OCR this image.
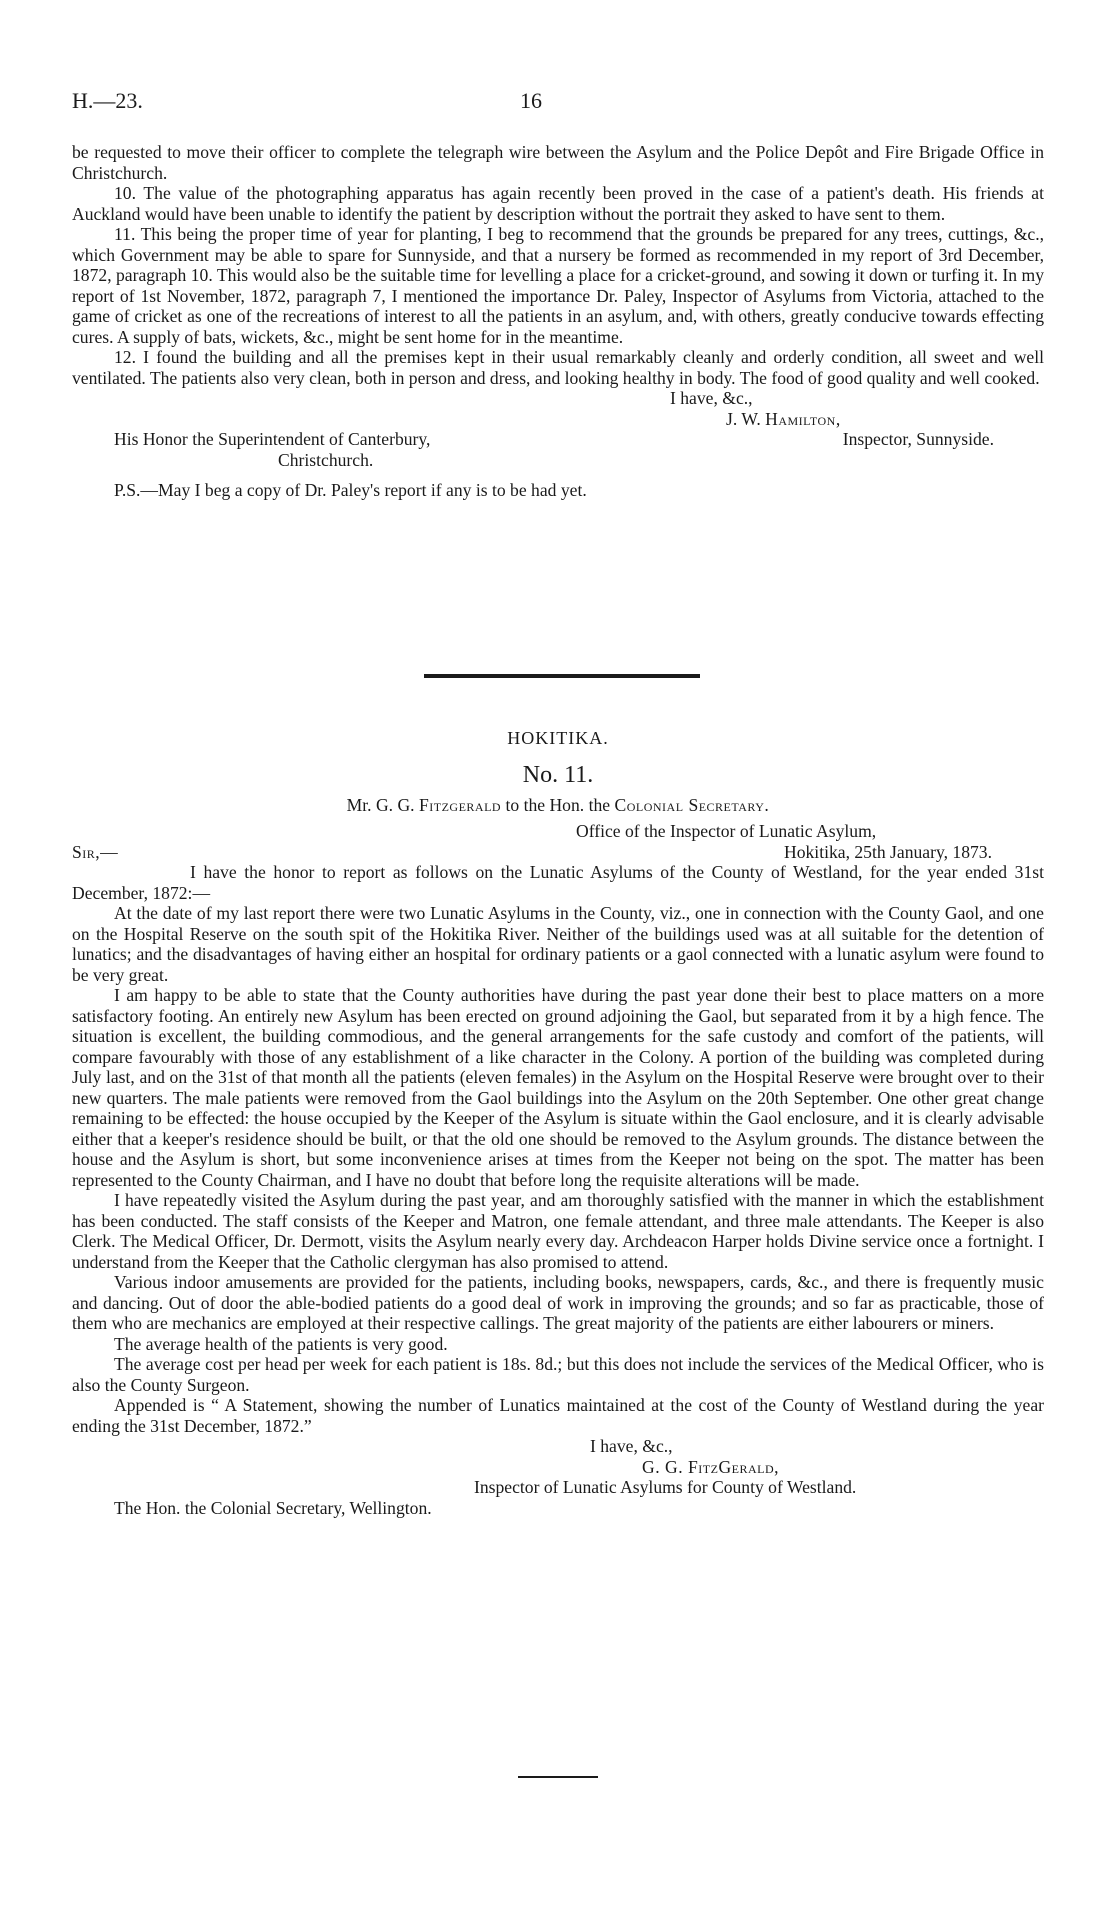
H.—23.	16

be requested to move their officer to complete the telegraph wire between the Asylum and the Police Depôt and Fire Brigade Office in Christchurch.

10. The value of the photographing apparatus has again recently been proved in the case of a patient's death. His friends at Auckland would have been unable to identify the patient by description without the portrait they asked to have sent to them.

11. This being the proper time of year for planting, I beg to recommend that the grounds be prepared for any trees, cuttings, &c., which Government may be able to spare for Sunnyside, and that a nursery be formed as recommended in my report of 3rd December, 1872, paragraph 10. This would also be the suitable time for levelling a place for a cricket-ground, and sowing it down or turfing it. In my report of 1st November, 1872, paragraph 7, I mentioned the importance Dr. Paley, Inspector of Asylums from Victoria, attached to the game of cricket as one of the recreations of interest to all the patients in an asylum, and, with others, greatly conducive towards effecting cures. A supply of bats, wickets, &c., might be sent home for in the meantime.

12. I found the building and all the premises kept in their usual remarkably cleanly and orderly condition, all sweet and well ventilated. The patients also very clean, both in person and dress, and looking healthy in body. The food of good quality and well cooked.

I have, &c.,

J. W. Hamilton,

His Honor the Superintendent of Canterbury,	Inspector, Sunnyside.

Christchurch.

P.S.—May I beg a copy of Dr. Paley's report if any is to be had yet.

HOKITIKA.

No. 11.

Mr. G. G. Fitzgerald to the Hon. the Colonial Secretary.

Office of the Inspector of Lunatic Asylum,

Sir,—	Hokitika, 25th January, 1873.

I have the honor to report as follows on the Lunatic Asylums of the County of Westland, for the year ended 31st December, 1872:—

At the date of my last report there were two Lunatic Asylums in the County, viz., one in connection with the County Gaol, and one on the Hospital Reserve on the south spit of the Hokitika River. Neither of the buildings used was at all suitable for the detention of lunatics; and the disadvantages of having either an hospital for ordinary patients or a gaol connected with a lunatic asylum were found to be very great.

I am happy to be able to state that the County authorities have during the past year done their best to place matters on a more satisfactory footing. An entirely new Asylum has been erected on ground adjoining the Gaol, but separated from it by a high fence. The situation is excellent, the building commodious, and the general arrangements for the safe custody and comfort of the patients, will compare favourably with those of any establishment of a like character in the Colony. A portion of the building was completed during July last, and on the 31st of that month all the patients (eleven females) in the Asylum on the Hospital Reserve were brought over to their new quarters. The male patients were removed from the Gaol buildings into the Asylum on the 20th September. One other great change remaining to be effected: the house occupied by the Keeper of the Asylum is situate within the Gaol enclosure, and it is clearly advisable either that a keeper's residence should be built, or that the old one should be removed to the Asylum grounds. The distance between the house and the Asylum is short, but some inconvenience arises at times from the Keeper not being on the spot. The matter has been represented to the County Chairman, and I have no doubt that before long the requisite alterations will be made.

I have repeatedly visited the Asylum during the past year, and am thoroughly satisfied with the manner in which the establishment has been conducted. The staff consists of the Keeper and Matron, one female attendant, and three male attendants. The Keeper is also Clerk. The Medical Officer, Dr. Dermott, visits the Asylum nearly every day. Archdeacon Harper holds Divine service once a fortnight. I understand from the Keeper that the Catholic clergyman has also promised to attend.

Various indoor amusements are provided for the patients, including books, newspapers, cards, &c., and there is frequently music and dancing. Out of door the able-bodied patients do a good deal of work in improving the grounds; and so far as practicable, those of them who are mechanics are employed at their respective callings. The great majority of the patients are either labourers or miners.

The average health of the patients is very good.

The average cost per head per week for each patient is 18s. 8d.; but this does not include the services of the Medical Officer, who is also the County Surgeon.

Appended is “ A Statement, showing the number of Lunatics maintained at the cost of the County of Westland during the year ending the 31st December, 1872.”

I have, &c.,

G. G. FitzGerald,

Inspector of Lunatic Asylums for County of Westland.

The Hon. the Colonial Secretary, Wellington.
